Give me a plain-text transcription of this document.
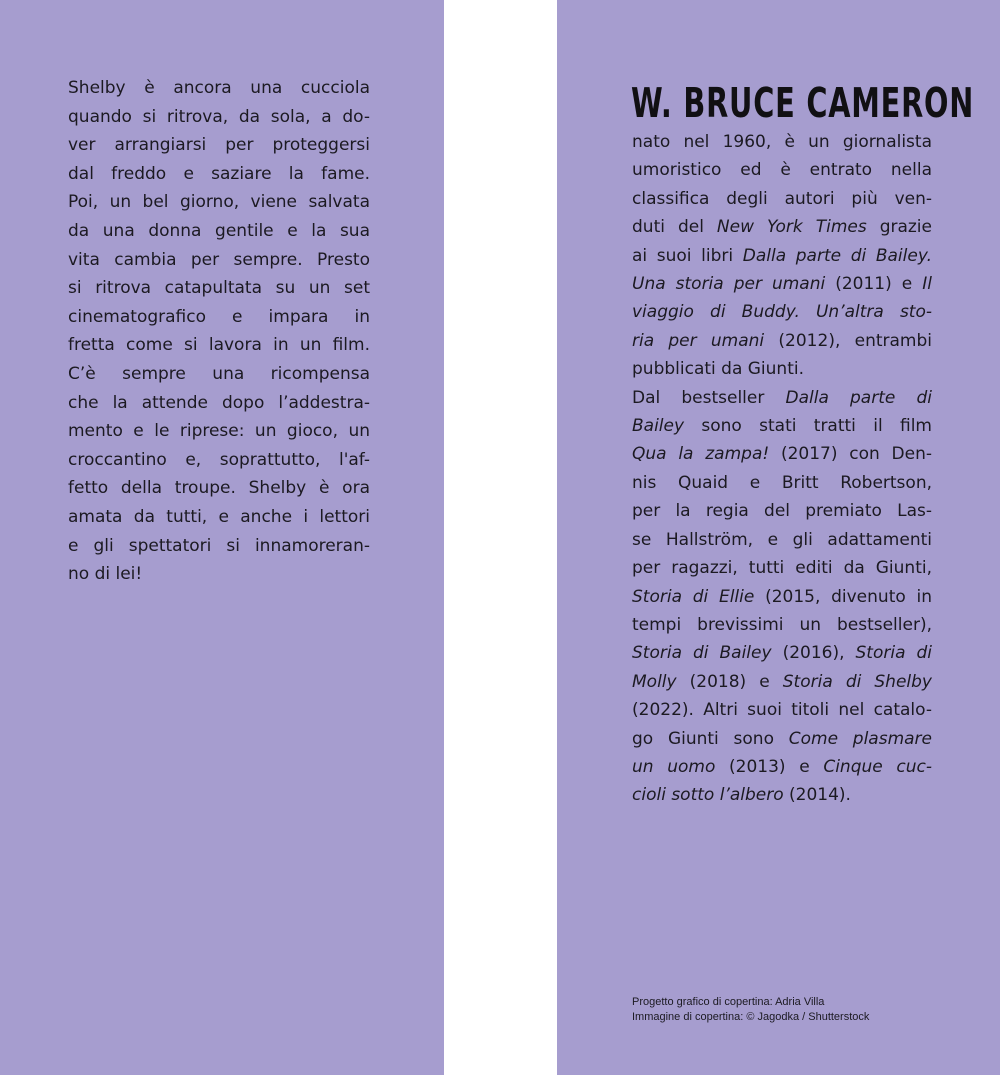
Shelby è ancora una cucciola
quando si ritrova, da sola, a do-
ver arrangiarsi per proteggersi
dal freddo e saziare la fame.
Poi, un bel giorno, viene salvata
da una donna gentile e la sua
vita cambia per sempre. Presto
si ritrova catapultata su un set
cinematografico e impara in
fretta come si lavora in un film.
C’è sempre una ricompensa
che la attende dopo l’addestra-
mento e le riprese: un gioco, un
croccantino e, soprattutto, l'af-
fetto della troupe. Shelby è ora
amata da tutti, e anche i lettori
e gli spettatori si innamoreran-
no di lei!
W. BRUCE CAMERON
nato nel 1960, è un giornalista
umoristico ed è entrato nella
classifica degli autori più ven-
duti del New York Times grazie
ai suoi libri Dalla parte di Bailey.
Una storia per umani (2011) e Il
viaggio di Buddy. Un’altra sto-
ria per umani (2012), entrambi
pubblicati da Giunti.
Dal bestseller Dalla parte di
Bailey sono stati tratti il film
Qua la zampa! (2017) con Den-
nis Quaid e Britt Robertson,
per la regia del premiato Las-
se Hallström, e gli adattamenti
per ragazzi, tutti editi da Giunti,
Storia di Ellie (2015, divenuto in
tempi brevissimi un bestseller),
Storia di Bailey (2016), Storia di
Molly (2018) e Storia di Shelby
(2022). Altri suoi titoli nel catalo-
go Giunti sono Come plasmare
un uomo (2013) e Cinque cuc-
cioli sotto l’albero (2014).
Progetto grafico di copertina: Adria Villa
Immagine di copertina: © Jagodka / Shutterstock
